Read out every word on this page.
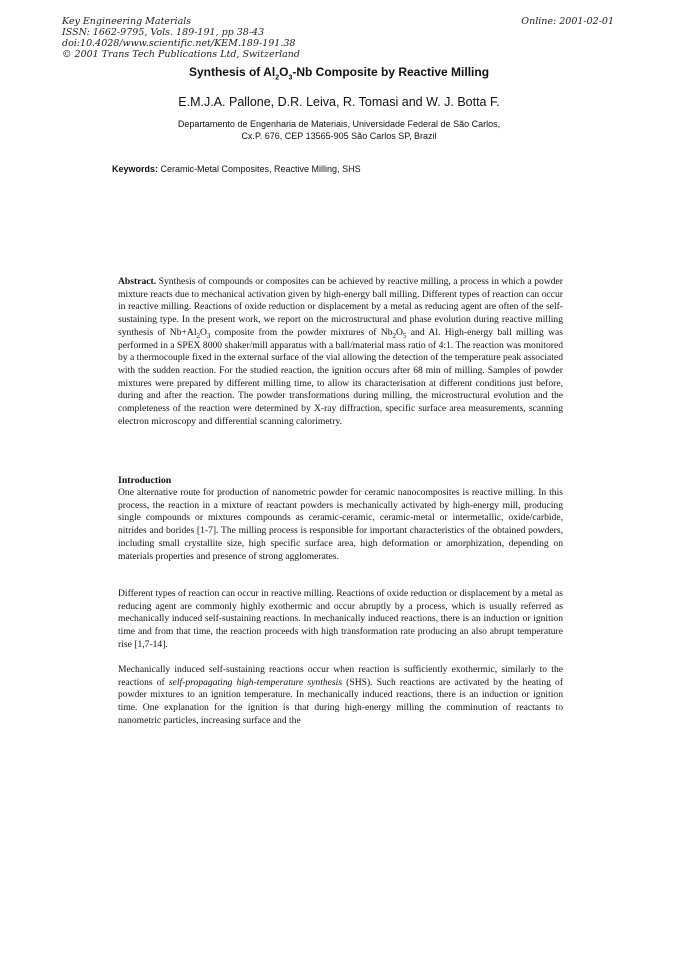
Key Engineering Materials
ISSN: 1662-9795, Vols. 189-191, pp 38-43
doi:10.4028/www.scientific.net/KEM.189-191.38
© 2001 Trans Tech Publications Ltd, Switzerland
Online: 2001-02-01
Synthesis of $Al_2O_3-Nb$ Composite by Reactive Milling
E.M.J.A. Pallone, D.R. Leiva, R. Tomasi and W. J. Botta F.
Departamento de Engenharia de Materiais, Universidade Federal de São Carlos,
Cx.P. 676, CEP 13565-905 São Carlos SP, Brazil
Keywords: Ceramic-Metal Composites, Reactive Milling, SHS
Abstract. Synthesis of compounds or composites can be achieved by reactive milling, a process in which a powder mixture reacts due to mechanical activation given by high-energy ball milling. Different types of reaction can occur in reactive milling. Reactions of oxide reduction or displacement by a metal as reducing agent are often of the self-sustaining type. In the present work, we report on the microstructural and phase evolution during reactive milling synthesis of $Nb+Al_2O_3$ composite from the powder mixtures of $Nb_2O_5$ and Al. High-energy ball milling was performed in a SPEX 8000 shaker/mill apparatus with a ball/material mass ratio of 4:1. The reaction was monitored by a thermocouple fixed in the external surface of the vial allowing the detection of the temperature peak associated with the sudden reaction. For the studied reaction, the ignition occurs after 68 min of milling. Samples of powder mixtures were prepared by different milling time, to allow its characterisation at different conditions just before, during and after the reaction. The powder transformations during milling, the microstructural evolution and the completeness of the reaction were determined by X-ray diffraction, specific surface area measurements, scanning electron microscopy and differential scanning calorimetry.
Introduction
One alternative route for production of nanometric powder for ceramic nanocomposites is reactive milling. In this process, the reaction in a mixture of reactant powders is mechanically activated by high-energy mill, producing single compounds or mixtures compounds as ceramic-ceramic, ceramic-metal or intermetallic, oxide/carbide, nitrides and borides [1-7]. The milling process is responsible for important characteristics of the obtained powders, including small crystallite size, high specific surface area, high deformation or amorphization, depending on materials properties and presence of strong agglomerates.
Different types of reaction can occur in reactive milling. Reactions of oxide reduction or displacement by a metal as reducing agent are commonly highly exothermic and occur abruptly by a process, which is usually referred as mechanically induced self-sustaining reactions. In mechanically induced reactions, there is an induction or ignition time and from that time, the reaction proceeds with high transformation rate producing an also abrupt temperature rise [1,7-14].
Mechanically induced self-sustaining reactions occur when reaction is sufficiently exothermic, similarly to the reactions of self-propagating high-temperature synthesis (SHS). Such reactions are activated by the heating of powder mixtures to an ignition temperature. In mechanically induced reactions, there is an induction or ignition time. One explanation for the ignition is that during high-energy milling the comminution of reactants to nanometric particles, increasing surface and the
